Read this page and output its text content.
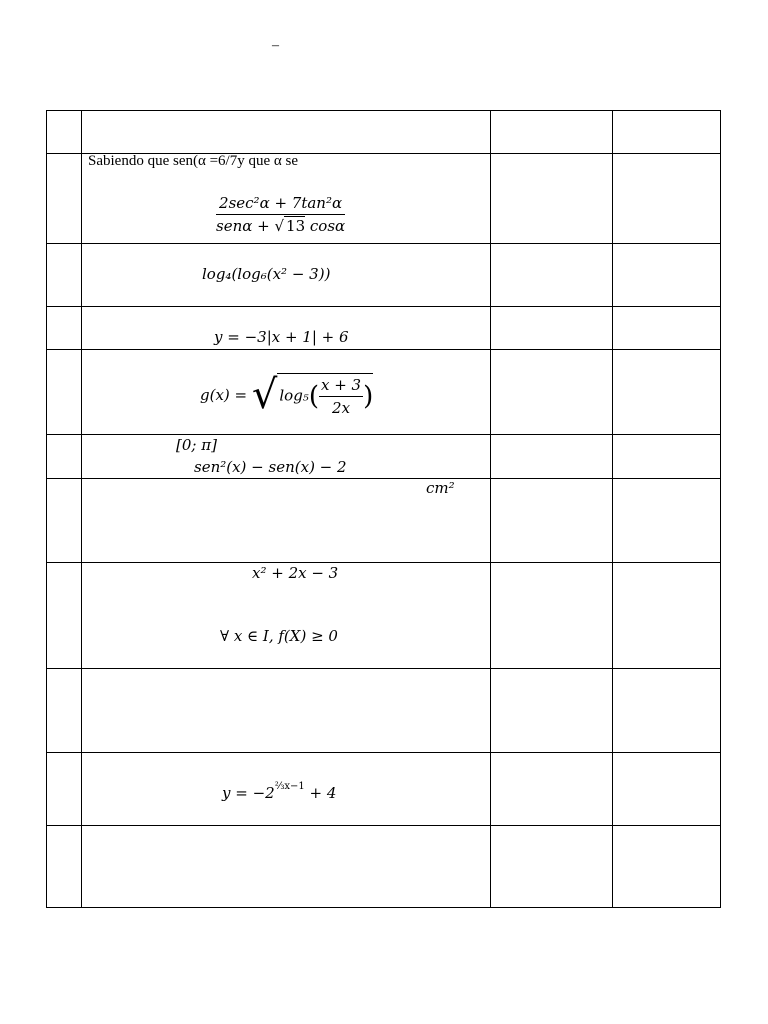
–
Sabiendo que sen(α =6/7y que α se
$\frac{\text{2sec²α + 7tan²α}}{\text{senα + √ 13 cosα}}$
log₄(log₆(x² − 3))
y = −3|x + 1| + 6
g(x) = √ $\log_5( \frac{x + 3}{2x}$ )
[0; π]
sen²(x) − sen(x) − 2
cm²
x² + 2x − 3
∀ x ∈ I, f(X) ≥ 0
$y = -2^{\frac{2}{3}x-1} + 4$
